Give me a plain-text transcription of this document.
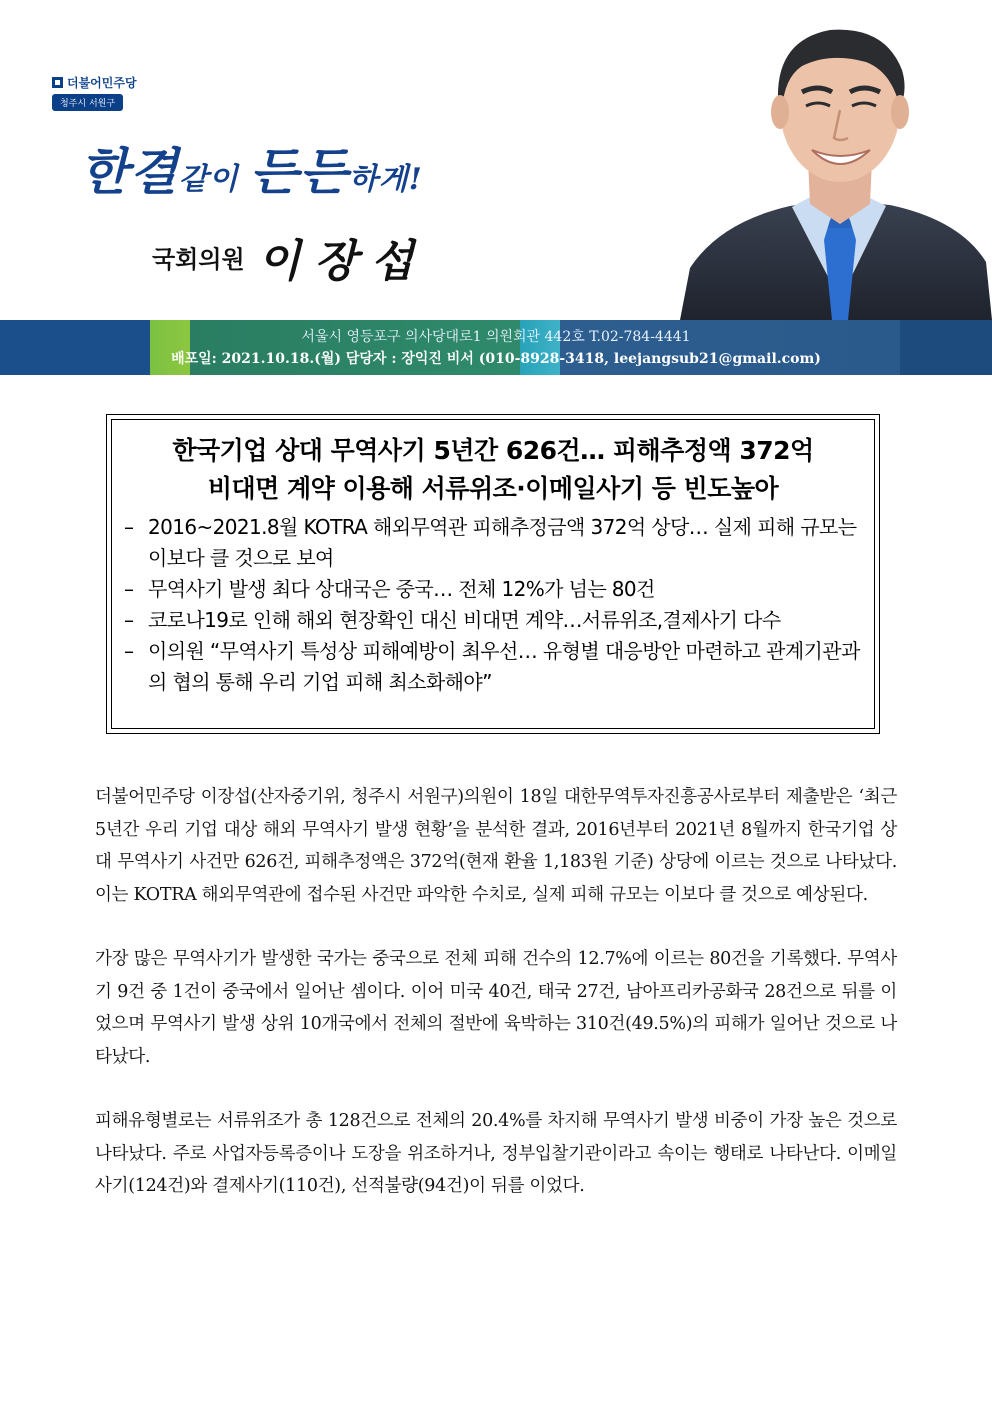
더불어민주당
청주시 서원구
한결같이 든든하게!
국회의원 이장섭
서울시 영등포구 의사당대로1 의원회관 442호 T.02-784-4441
배포일: 2021.10.18.(월) 담당자 : 장익진 비서 (010-8928-3418, leejangsub21@gmail.com)
한국기업 상대 무역사기 5년간 626건… 피해추정액 372억
비대면 계약 이용해 서류위조·이메일사기 등 빈도높아
– 2016~2021.8월 KOTRA 해외무역관 피해추정금액 372억 상당… 실제 피해 규모는 이보다 클 것으로 보여
– 무역사기 발생 최다 상대국은 중국… 전체 12%가 넘는 80건
– 코로나19로 인해 해외 현장확인 대신 비대면 계약…서류위조,결제사기 다수
– 이의원 “무역사기 특성상 피해예방이 최우선… 유형별 대응방안 마련하고 관계기관과의 협의 통해 우리 기업 피해 최소화해야”

더불어민주당 이장섭(산자중기위, 청주시 서원구)의원이 18일 대한무역투자진흥공사로부터 제출받은 ‘최근 5년간 우리 기업 대상 해외 무역사기 발생 현황’을 분석한 결과, 2016년부터 2021년 8월까지 한국기업 상대 무역사기 사건만 626건, 피해추정액은 372억(현재 환율 1,183원 기준) 상당에 이르는 것으로 나타났다. 이는 KOTRA 해외무역관에 접수된 사건만 파악한 수치로, 실제 피해 규모는 이보다 클 것으로 예상된다.

가장 많은 무역사기가 발생한 국가는 중국으로 전체 피해 건수의 12.7%에 이르는 80건을 기록했다. 무역사기 9건 중 1건이 중국에서 일어난 셈이다. 이어 미국 40건, 태국 27건, 남아프리카공화국 28건으로 뒤를 이었으며 무역사기 발생 상위 10개국에서 전체의 절반에 육박하는 310건(49.5%)의 피해가 일어난 것으로 나타났다.

피해유형별로는 서류위조가 총 128건으로 전체의 20.4%를 차지해 무역사기 발생 비중이 가장 높은 것으로 나타났다. 주로 사업자등록증이나 도장을 위조하거나, 정부입찰기관이라고 속이는 행태로 나타난다. 이메일사기(124건)와 결제사기(110건), 선적불량(94건)이 뒤를 이었다.
